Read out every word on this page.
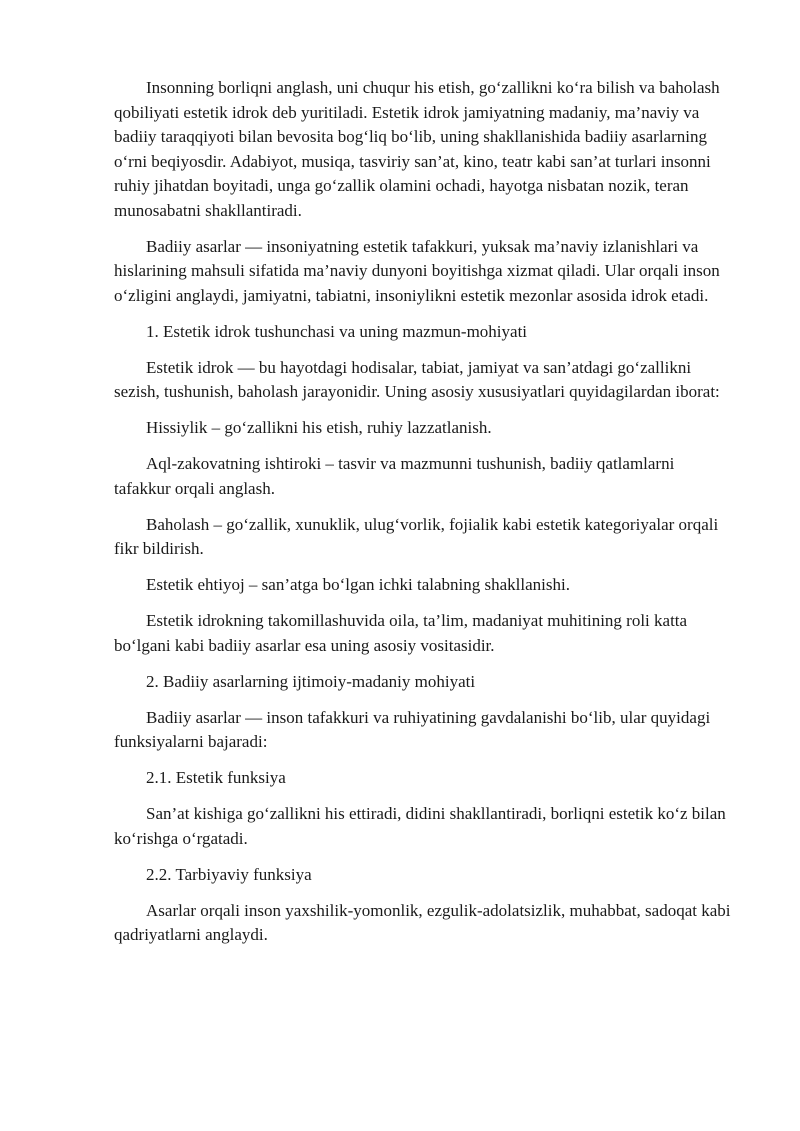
Insonning borliqni anglash, uni chuqur his etish, go‘zallikni ko‘ra bilish va baholash qobiliyati estetik idrok deb yuritiladi. Estetik idrok jamiyatning madaniy, ma’naviy va badiiy taraqqiyoti bilan bevosita bog‘liq bo‘lib, uning shakllanishida badiiy asarlarning o‘rni beqiyosdir. Adabiyot, musiqa, tasviriy san’at, kino, teatr kabi san’at turlari insonni ruhiy jihatdan boyitadi, unga go‘zallik olamini ochadi, hayotga nisbatan nozik, teran munosabatni shakllantiradi.

Badiiy asarlar — insoniyatning estetik tafakkuri, yuksak ma’naviy izlanishlari va hislarining mahsuli sifatida ma’naviy dunyoni boyitishga xizmat qiladi. Ular orqali inson o‘zligini anglaydi, jamiyatni, tabiatni, insoniylikni estetik mezonlar asosida idrok etadi.

1. Estetik idrok tushunchasi va uning mazmun-mohiyati

Estetik idrok — bu hayotdagi hodisalar, tabiat, jamiyat va san’atdagi go‘zallikni sezish, tushunish, baholash jarayonidir. Uning asosiy xususiyatlari quyidagilardan iborat:

Hissiylik – go‘zallikni his etish, ruhiy lazzatlanish.

Aql-zakovatning ishtiroki – tasvir va mazmunni tushunish, badiiy qatlamlarni tafakkur orqali anglash.

Baholash – go‘zallik, xunuklik, ulug‘vorlik, fojialik kabi estetik kategoriyalar orqali fikr bildirish.

Estetik ehtiyoj – san’atga bo‘lgan ichki talabning shakllanishi.

Estetik idrokning takomillashuvida oila, ta’lim, madaniyat muhitining roli katta bo‘lgani kabi badiiy asarlar esa uning asosiy vositasidir.

2. Badiiy asarlarning ijtimoiy-madaniy mohiyati

Badiiy asarlar — inson tafakkuri va ruhiyatining gavdalanishi bo‘lib, ular quyidagi funksiyalarni bajaradi:

2.1. Estetik funksiya

San’at kishiga go‘zallikni his ettiradi, didini shakllantiradi, borliqni estetik ko‘z bilan ko‘rishga o‘rgatadi.

2.2. Tarbiyaviy funksiya

Asarlar orqali inson yaxshilik-yomonlik, ezgulik-adolatsizlik, muhabbat, sadoqat kabi qadriyatlarni anglaydi.
